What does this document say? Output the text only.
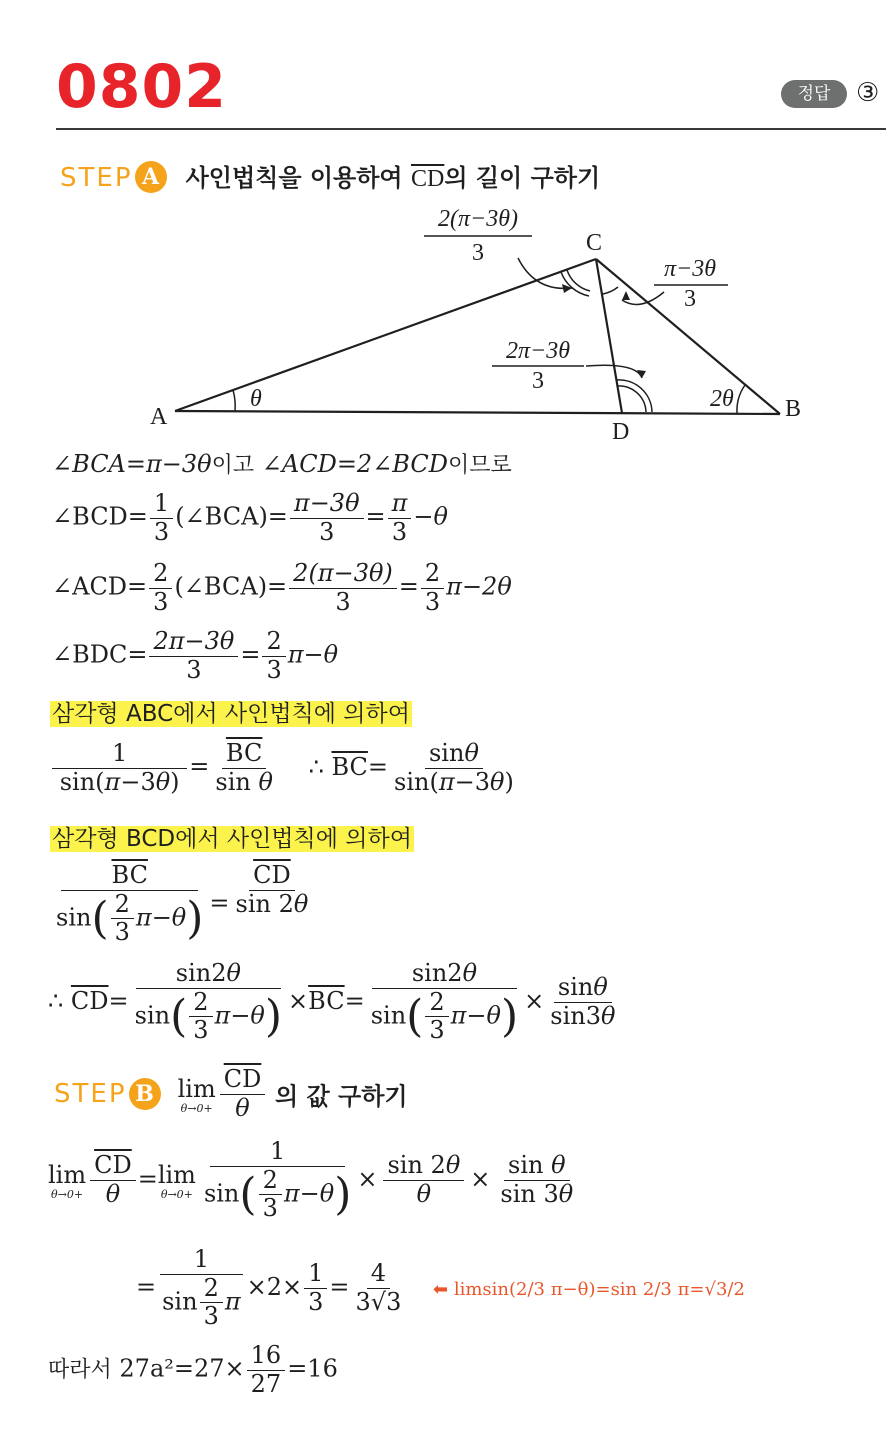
0802	정답 ③
STEP A 사인법칙을 이용하여 $\overline{CD}$의 길이 구하기
A	B
C
D
θ	2θ
2(π−3θ)
3
π−3θ
3
2π−3θ
3
∠BCA=π−3θ이고 ∠ACD=2∠BCD이므로
∠BCD= $\frac{1}{3}$ (∠BCA)= $\frac{\pi-3\theta}{3} = \frac{\pi}{3} -\theta$
∠ACD= $\frac{2}{3}$ (∠BCA)= $\frac{2(\pi-3\theta)}{3} = \frac{2}{3} \pi-2\theta$
∠BDC= $\frac{2\pi-3\theta}{3} = \frac{2}{3} \pi-\theta$
삼각형 ABC에서 사인법칙에 의하여
$\frac{1}{\sin(\pi-3\theta)} = \frac{\overline{BC}}{\text{sin θ}}$ ∴ $\overline{BC}= \frac{\sin\theta}{\sin(\pi-3\theta)}$
삼각형 BCD에서 사인법칙에 의하여
$\frac{\overline{BC}}{\sin( \frac{2}{3} \pi-\theta)} = \frac{\overline{CD}}{\sin 2\theta}$
∴ $\overline{CD}= \frac{\sin 2\theta}{\sin( \frac{2}{3} \pi-\theta)} \times\overline{BC}= \frac{\sin 2\theta}{\sin( \frac{2}{3} \pi-\theta)} \times \frac{\sin\theta}{\sin 3\theta}$
STEP B lim
$\theta\to 0+ \frac{\overline{CD}}{\theta}$ 의 값 구하기
lim
$\theta\to 0+ \frac{\overline{CD}}{\theta} = \lim$
$\theta\to 0+ \frac{1}{\sin( \frac{2}{3} \pi-\theta)} \times \frac{\sin 2\theta}{\theta} \times \frac{\text{sin θ}}{\sin 3\theta}$
= $\frac{1}{\sin \frac{2}{3} \pi} \times 2\times \frac{1}{3} = \frac{4}{3√3}$ ⬅ limsin(2/3 π−θ)=sin 2/3 π=√3/2
따라서 $27a^2=27\times \frac{16}{27} =16$
